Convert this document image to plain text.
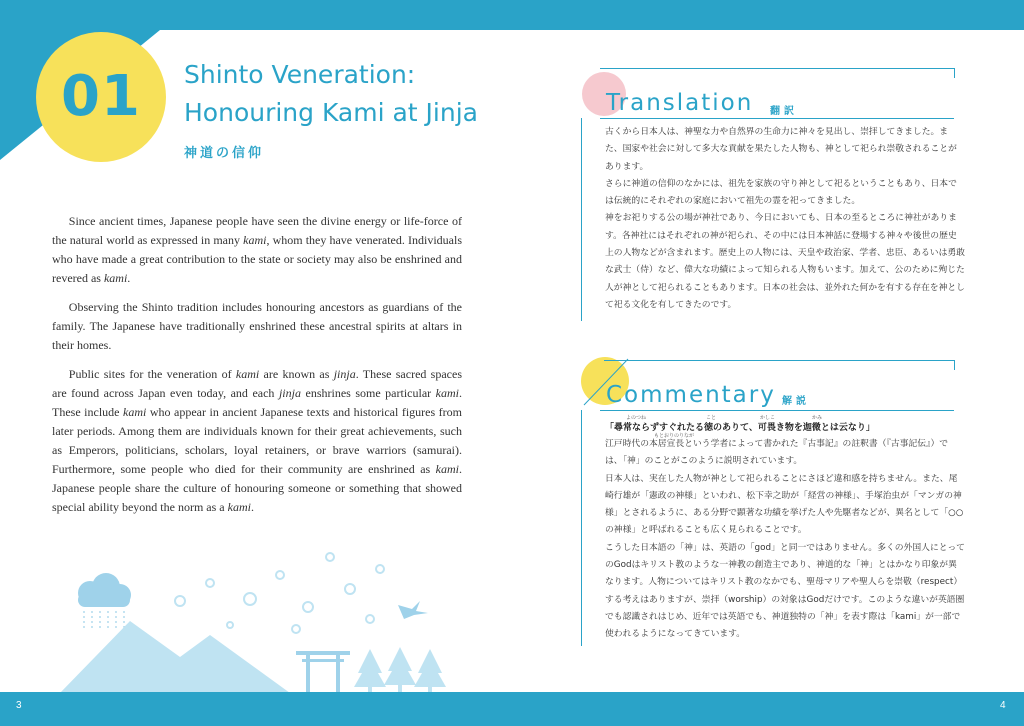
01	Shinto Veneration:
Honouring Kami at Jinja
神道の信仰

Since ancient times, Japanese people have seen the divine energy or life-force of the natural world as expressed in many kami, whom they have venerated. Individuals who have made a great contribution to the state or society may also be enshrined and revered as kami.

Observing the Shinto tradition includes honouring ancestors as guardians of the family. The Japanese have traditionally enshrined these ancestral spirits at altars in their homes.

Public sites for the veneration of kami are known as jinja. These sacred spaces are found across Japan even today, and each jinja enshrines some particular kami. These include kami who appear in ancient Japanese texts and historical figures from later periods. Among them are individuals known for their great achievements, such as Emperors, politicians, scholars, loyal retainers, or brave warriors (samurai). Furthermore, some people who died for their community are enshrined as kami. Japanese people share the culture of honouring someone or something that showed special ability beyond the norm as a kami.

Translation 翻訳

古くから日本人は、神聖な力や自然界の生命力に神々を見出し、崇拝してきました。また、国家や社会に対して多大な貢献を果たした人物も、神として祀られ崇敬されることがあります。

さらに神道の信仰のなかには、祖先を家族の守り神として祀るということもあり、日本では伝統的にそれぞれの家庭において祖先の霊を祀ってきました。

神をお祀りする公の場が神社であり、今日においても、日本の至るところに神社があります。各神社にはそれぞれの神が祀られ、その中には日本神話に登場する神々や後世の歴史上の人物などが含まれます。歴史上の人物には、天皇や政治家、学者、忠臣、あるいは勇敢な武士（侍）など、偉大な功績によって知られる人物もいます。加えて、公のために殉じた人が神として祀られることもあります。日本の社会は、並外れた何かを有する存在を神として祀る文化を有してきたのです。

Commentary 解説
よのつね	こと	かしこ	かみ
「尋常ならずすぐれたる徳のありて、可畏き物を迦微とは云なり」
もとおりのりなが

江戸時代の本居宣長という学者によって書かれた『古事記』の註釈書（『古事記伝』）では、「神」のことがこのように説明されています。

日本人は、実在した人物が神として祀られることにさほど違和感を持ちません。また、尾崎行雄が「憲政の神様」といわれ、松下幸之助が「経営の神様」、手塚治虫が「マンガの神様」とされるように、ある分野で顕著な功績を挙げた人や先駆者などが、異名として「○○の神様」と呼ばれることも広く見られることです。

こうした日本語の「神」は、英語の「god」と同一ではありません。多くの外国人にとってのGodはキリスト教のような一神教の創造主であり、神道的な「神」とはかなり印象が異なります。人物についてはキリスト教のなかでも、聖母マリアや聖人らを崇敬（respect）する考えはありますが、崇拝（worship）の対象はGodだけです。このような違いが英語圏でも認識されはじめ、近年では英語でも、神道独特の「神」を表す際は「kami」が一部で使われるようになってきています。

3	4
